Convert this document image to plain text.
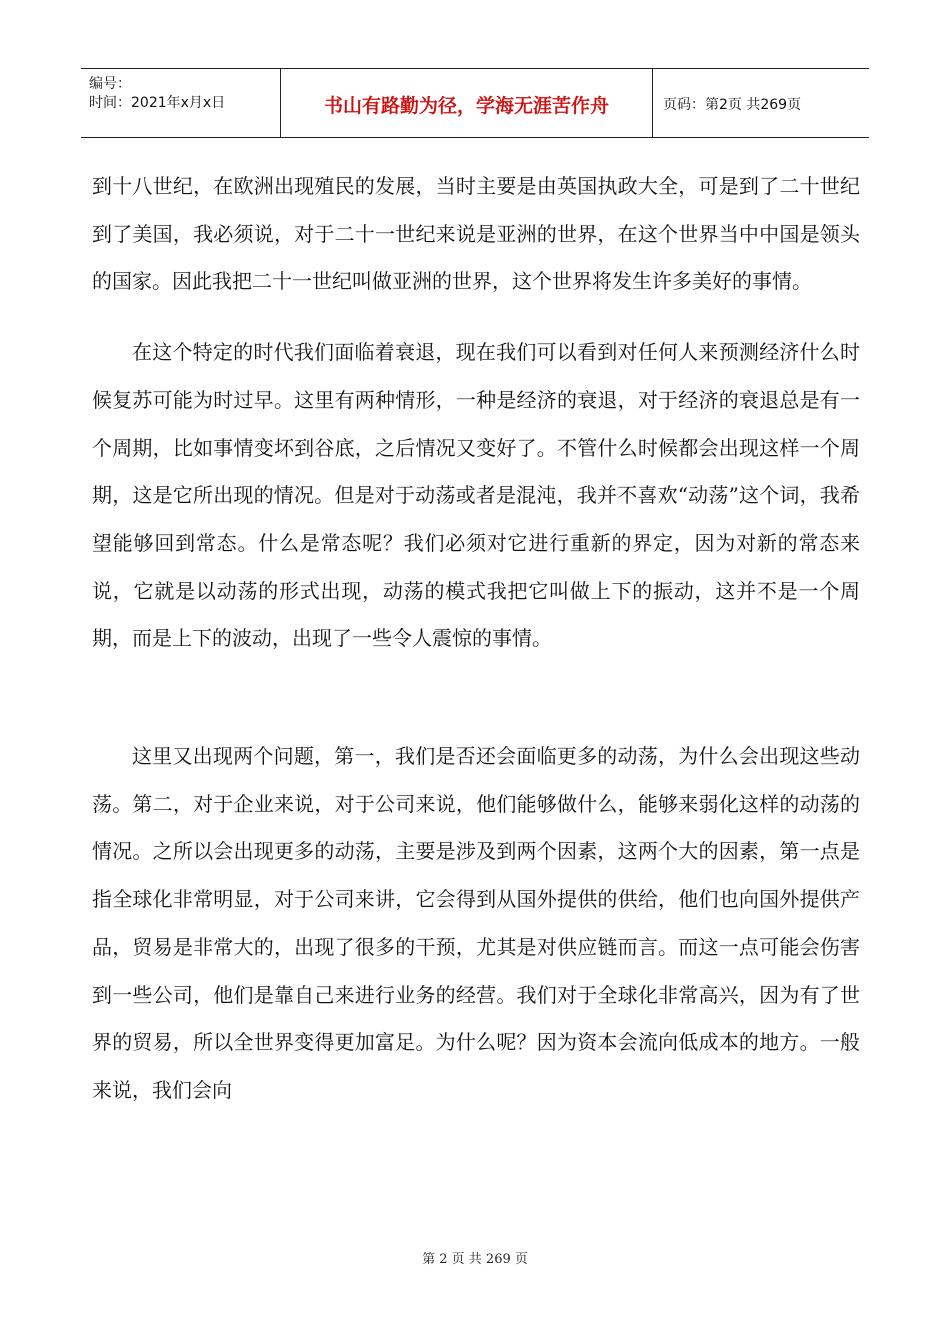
编号：
时间：2021年x月x日	书山有路勤为径，学海无涯苦作舟	页码：第2页 共269页

到十八世纪，在欧洲出现殖民的发展，当时主要是由英国执政大全，可是到了二十世纪到了美国，我必须说，对于二十一世纪来说是亚洲的世界，在这个世界当中中国是领头的国家。因此我把二十一世纪叫做亚洲的世界，这个世界将发生许多美好的事情。

在这个特定的时代我们面临着衰退，现在我们可以看到对任何人来预测经济什么时候复苏可能为时过早。这里有两种情形，一种是经济的衰退，对于经济的衰退总是有一个周期，比如事情变坏到谷底，之后情况又变好了。不管什么时候都会出现这样一个周期，这是它所出现的情况。但是对于动荡或者是混沌，我并不喜欢“动荡”这个词，我希望能够回到常态。什么是常态呢？我们必须对它进行重新的界定，因为对新的常态来说，它就是以动荡的形式出现，动荡的模式我把它叫做上下的振动，这并不是一个周期，而是上下的波动，出现了一些令人震惊的事情。

这里又出现两个问题，第一，我们是否还会面临更多的动荡，为什么会出现这些动荡。第二，对于企业来说，对于公司来说，他们能够做什么，能够来弱化这样的动荡的情况。之所以会出现更多的动荡，主要是涉及到两个因素，这两个大的因素，第一点是指全球化非常明显，对于公司来讲，它会得到从国外提供的供给，他们也向国外提供产品，贸易是非常大的，出现了很多的干预，尤其是对供应链而言。而这一点可能会伤害到一些公司，他们是靠自己来进行业务的经营。我们对于全球化非常高兴，因为有了世界的贸易，所以全世界变得更加富足。为什么呢？因为资本会流向低成本的地方。一般来说，我们会向

第 2 页 共 269 页
